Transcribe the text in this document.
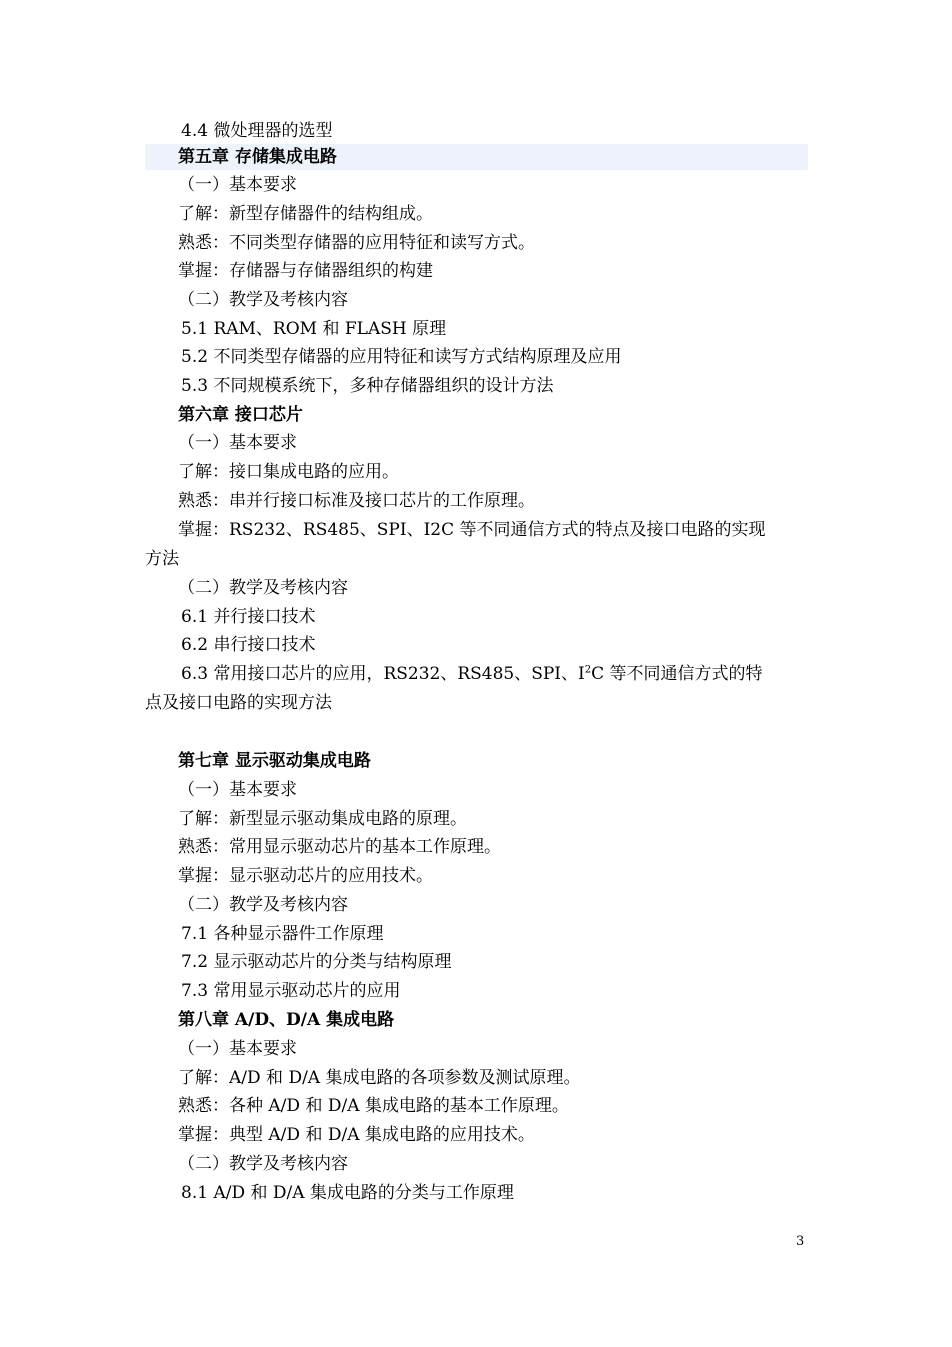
4.4 微处理器的选型
第五章 存储集成电路
（一）基本要求
了解：新型存储器件的结构组成。
熟悉：不同类型存储器的应用特征和读写方式。
掌握：存储器与存储器组织的构建
（二）教学及考核内容
5.1 RAM、ROM 和 FLASH 原理
5.2 不同类型存储器的应用特征和读写方式结构原理及应用
5.3 不同规模系统下，多种存储器组织的设计方法
第六章 接口芯片
（一）基本要求
了解：接口集成电路的应用。
熟悉：串并行接口标准及接口芯片的工作原理。
掌握：RS232、RS485、SPI、I2C 等不同通信方式的特点及接口电路的实现
方法
（二）教学及考核内容
6.1 并行接口技术
6.2 串行接口技术
6.3 常用接口芯片的应用，RS232、RS485、SPI、$I^2C$ 等不同通信方式的特
点及接口电路的实现方法
第七章 显示驱动集成电路
（一）基本要求
了解：新型显示驱动集成电路的原理。
熟悉：常用显示驱动芯片的基本工作原理。
掌握：显示驱动芯片的应用技术。
（二）教学及考核内容
7.1 各种显示器件工作原理
7.2 显示驱动芯片的分类与结构原理
7.3 常用显示驱动芯片的应用
第八章 A/D、D/A 集成电路
（一）基本要求
了解：A/D 和 D/A 集成电路的各项参数及测试原理。
熟悉：各种 A/D 和 D/A 集成电路的基本工作原理。
掌握：典型 A/D 和 D/A 集成电路的应用技术。
（二）教学及考核内容
8.1 A/D 和 D/A 集成电路的分类与工作原理
3
